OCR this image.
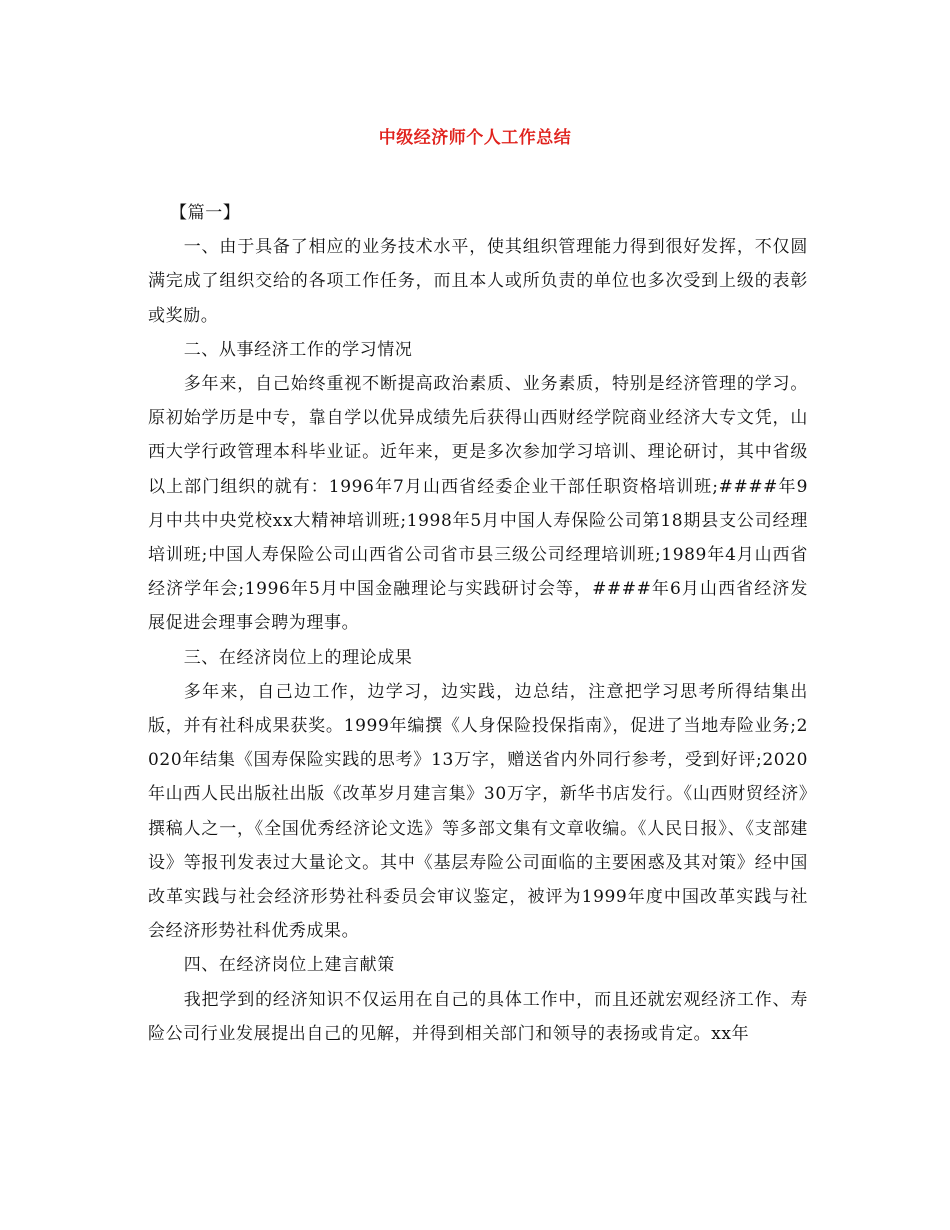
中级经济师个人工作总结

【篇一】

一、由于具备了相应的业务技术水平，使其组织管理能力得到很好发挥，不仅圆满完成了组织交给的各项工作任务，而且本人或所负责的单位也多次受到上级的表彰或奖励。

二、从事经济工作的学习情况

多年来，自己始终重视不断提高政治素质、业务素质，特别是经济管理的学习。原初始学历是中专，靠自学以优异成绩先后获得山西财经学院商业经济大专文凭，山西大学行政管理本科毕业证。近年来，更是多次参加学习培训、理论研讨，其中省级以上部门组织的就有：1996年7月山西省经委企业干部任职资格培训班;####年9月中共中央党校xx大精神培训班;1998年5月中国人寿保险公司第18期县支公司经理培训班;中国人寿保险公司山西省公司省市县三级公司经理培训班;1989年4月山西省经济学年会;1996年5月中国金融理论与实践研讨会等，####年6月山西省经济发展促进会理事会聘为理事。

三、在经济岗位上的理论成果

多年来，自己边工作，边学习，边实践，边总结，注意把学习思考所得结集出版，并有社科成果获奖。1999年编撰《人身保险投保指南》，促进了当地寿险业务;2020年结集《国寿保险实践的思考》13万字，赠送省内外同行参考，受到好评;2020年山西人民出版社出版《改革岁月建言集》30万字，新华书店发行。《山西财贸经济》撰稿人之一，《全国优秀经济论文选》等多部文集有文章收编。《人民日报》、《支部建设》等报刊发表过大量论文。其中《基层寿险公司面临的主要困惑及其对策》经中国改革实践与社会经济形势社科委员会审议鉴定，被评为1999年度中国改革实践与社会经济形势社科优秀成果。

四、在经济岗位上建言献策

我把学到的经济知识不仅运用在自己的具体工作中，而且还就宏观经济工作、寿险公司行业发展提出自己的见解，并得到相关部门和领导的表扬或肯定。xx年
